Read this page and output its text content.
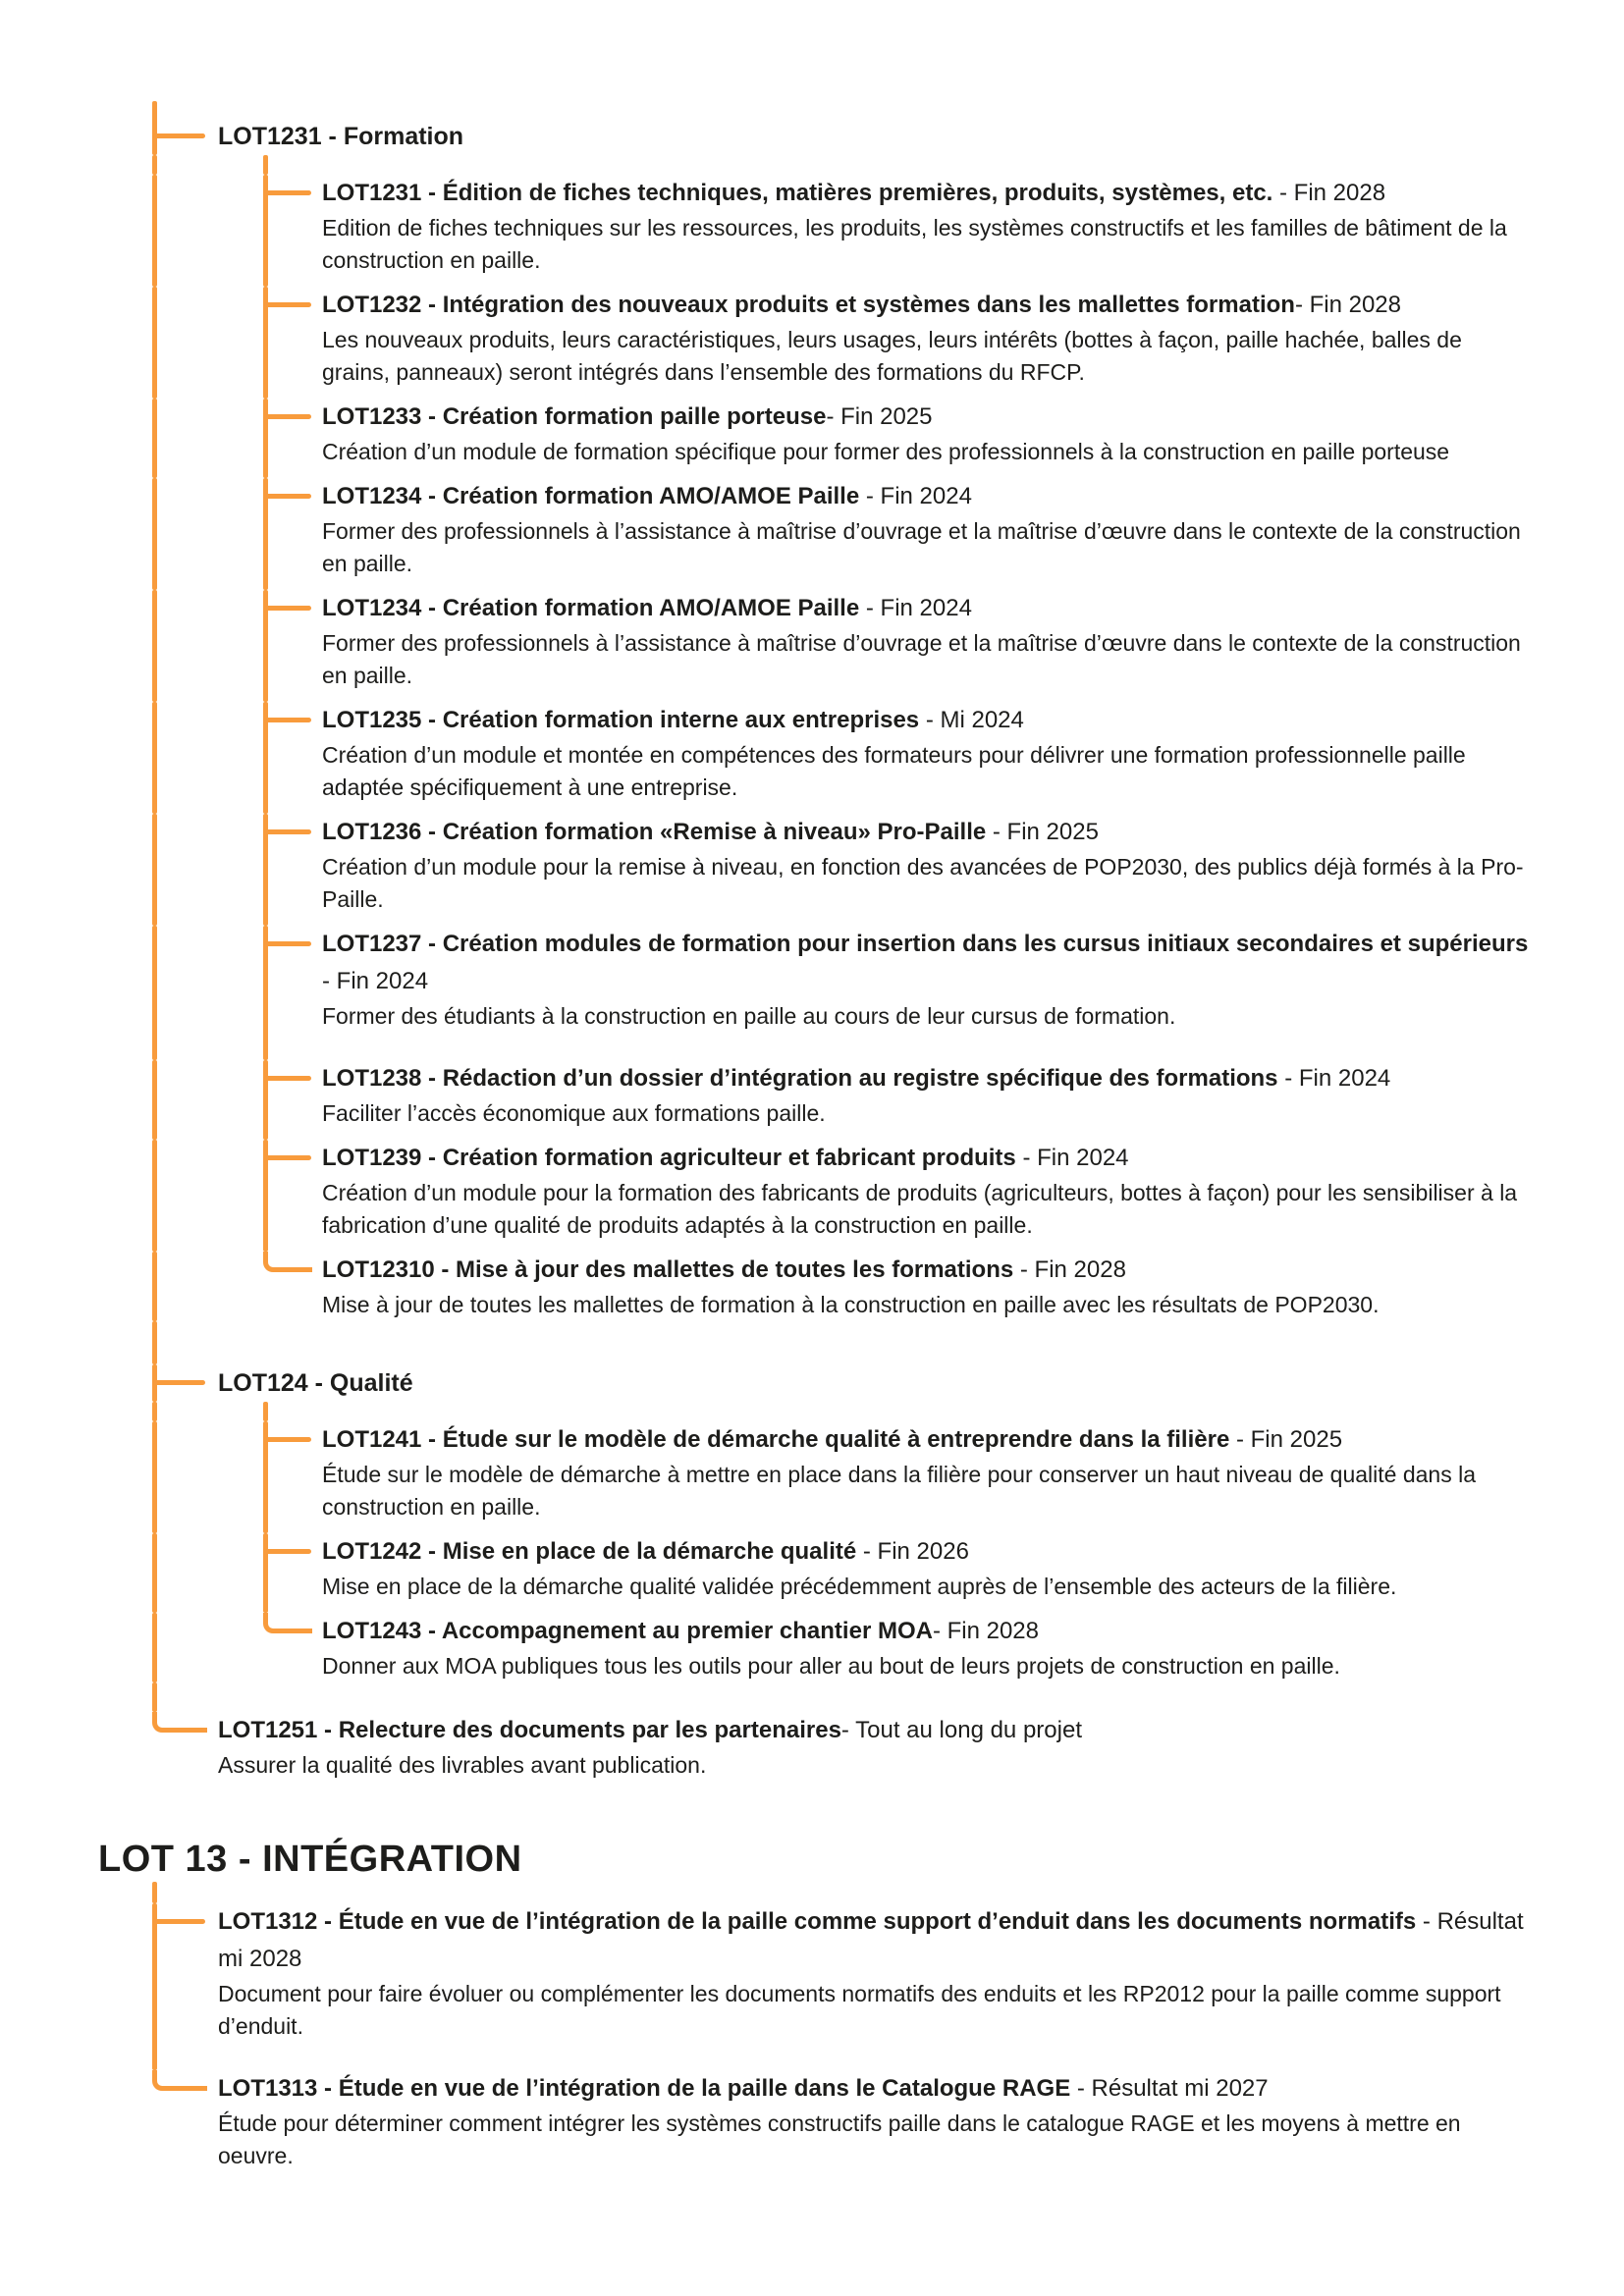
LOT1231 - Formation
LOT1231 - Édition de fiches techniques, matières premières, produits, systèmes, etc. - Fin 2028
Edition de fiches techniques sur les ressources, les produits, les systèmes constructifs et les familles de bâtiment de la construction en paille.
LOT1232 - Intégration des nouveaux produits et systèmes dans les mallettes formation- Fin 2028
Les nouveaux produits, leurs caractéristiques, leurs usages, leurs intérêts (bottes à façon, paille hachée, balles de grains, panneaux) seront intégrés dans l’ensemble des formations du RFCP.
LOT1233 - Création formation paille porteuse- Fin 2025
Création d’un module de formation spécifique pour former des professionnels à la construction en paille porteuse
LOT1234 - Création formation AMO/AMOE Paille - Fin 2024
Former des professionnels à l’assistance à maîtrise d’ouvrage et la maîtrise d’œuvre dans le contexte de la construction en paille.
LOT1234 - Création formation AMO/AMOE Paille - Fin 2024
Former des professionnels à l’assistance à maîtrise d’ouvrage et la maîtrise d’œuvre dans le contexte de la construction en paille.
LOT1235 - Création formation interne aux entreprises - Mi 2024
Création d’un module et montée en compétences des formateurs pour délivrer une formation professionnelle paille adaptée spécifiquement à une entreprise.
LOT1236 - Création formation «Remise à niveau» Pro-Paille - Fin 2025
Création d’un module pour la remise à niveau, en fonction des avancées de POP2030, des publics déjà formés à la Pro-Paille.
LOT1237 - Création modules de formation pour insertion dans les cursus initiaux secondaires et supérieurs - Fin 2024
Former des étudiants à la construction en paille au cours de leur cursus de formation.
LOT1238 - Rédaction d’un dossier d’intégration au registre spécifique des formations - Fin 2024
Faciliter l’accès économique aux formations paille.
LOT1239 - Création formation agriculteur et fabricant produits - Fin 2024
Création d’un module pour la formation des fabricants de produits (agriculteurs, bottes à façon) pour les sensibiliser à la fabrication d’une qualité de produits adaptés à la construction en paille.
LOT12310 - Mise à jour des mallettes de toutes les formations - Fin 2028
Mise à jour de toutes les mallettes de formation à la construction en paille avec les résultats de POP2030.
LOT124 - Qualité
LOT1241 - Étude sur le modèle de démarche qualité à entreprendre dans la filière - Fin 2025
Étude sur le modèle de démarche à mettre en place dans la filière pour conserver un haut niveau de qualité dans la construction en paille.
LOT1242 - Mise en place de la démarche qualité - Fin 2026
Mise en place de la démarche qualité validée précédemment auprès de l’ensemble des acteurs de la filière.
LOT1243 - Accompagnement au premier chantier MOA- Fin 2028
Donner aux MOA publiques tous les outils pour aller au bout de leurs projets de construction en paille.
LOT1251 - Relecture des documents par les partenaires- Tout au long du projet
Assurer la qualité des livrables avant publication.
LOT 13 - INTÉGRATION
LOT1312 - Étude en vue de l’intégration de la paille comme support d’enduit dans les documents normatifs - Résultat mi 2028
Document pour faire évoluer ou complémenter les documents normatifs des enduits et les RP2012 pour la paille comme support d’enduit.
LOT1313 - Étude en vue de l’intégration de la paille dans le Catalogue RAGE - Résultat mi 2027
Étude pour déterminer comment intégrer les systèmes constructifs paille dans le catalogue RAGE et les moyens à mettre en oeuvre.
